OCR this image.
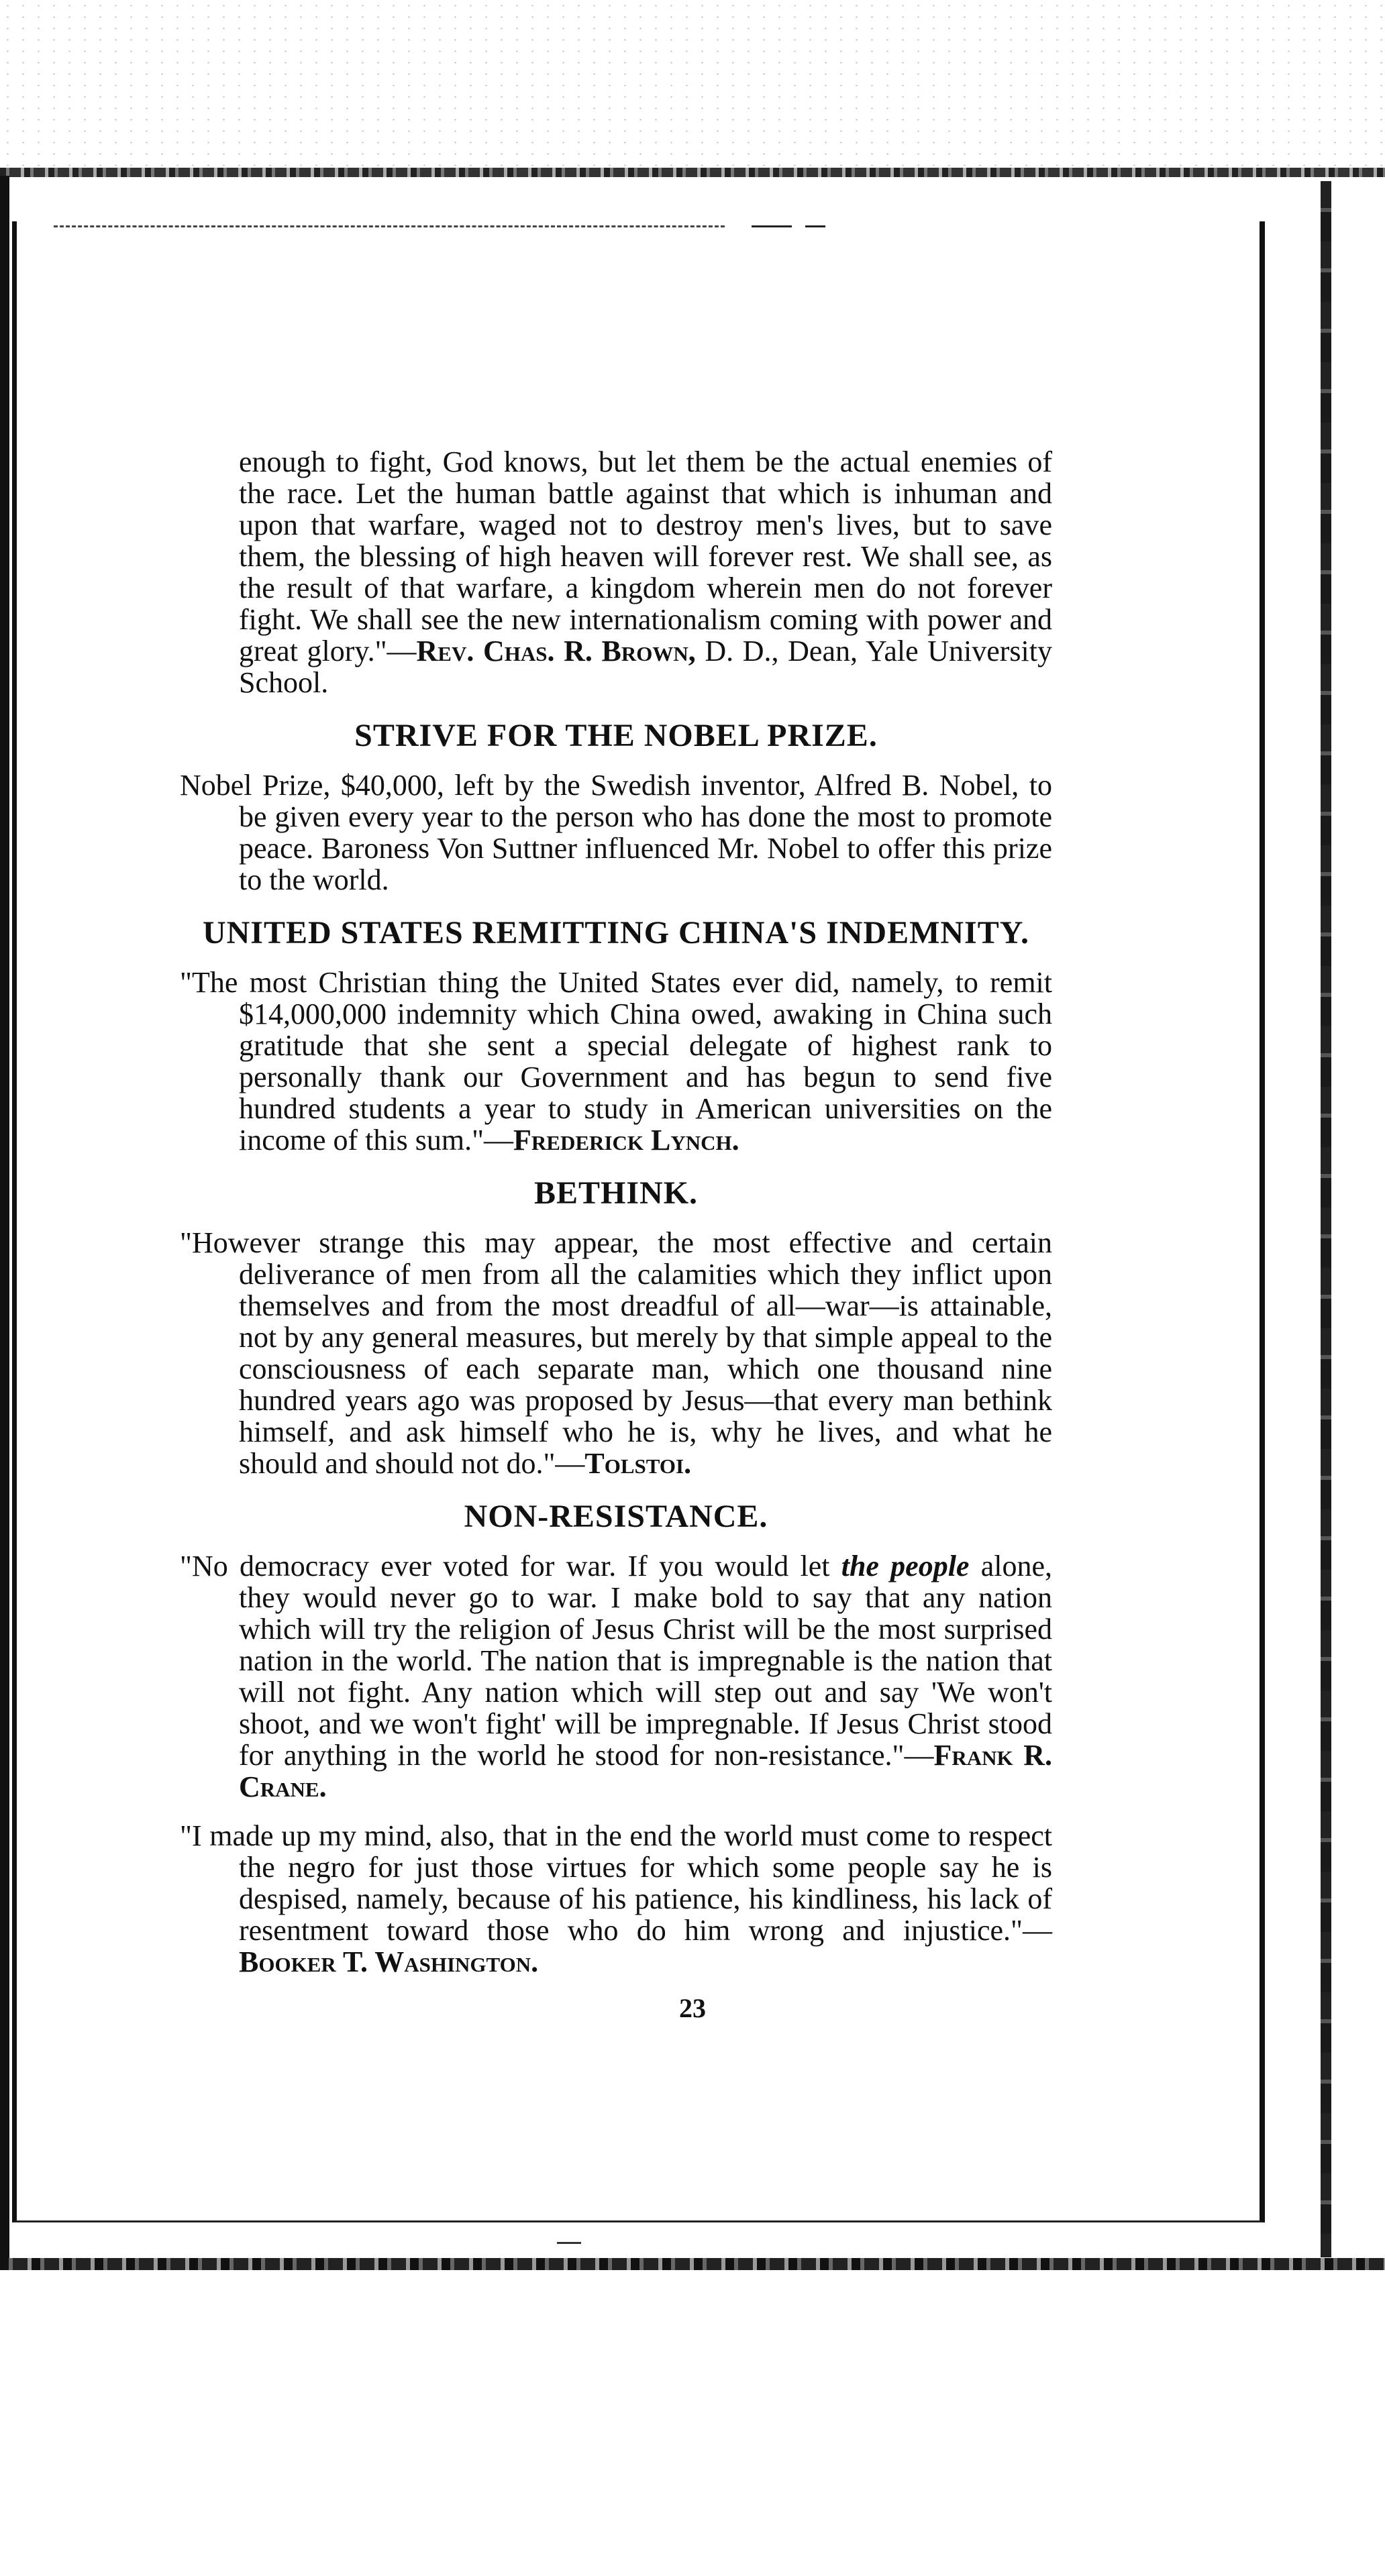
enough to fight, God knows, but let them be the actual enemies of the race. Let the human battle against that which is inhuman and upon that warfare, waged not to destroy men's lives, but to save them, the blessing of high heaven will forever rest. We shall see, as the result of that warfare, a kingdom wherein men do not forever fight. We shall see the new internationalism coming with power and great glory."—Rev. Chas. R. Brown, D. D., Dean, Yale University School.

STRIVE FOR THE NOBEL PRIZE.

Nobel Prize, $40,000, left by the Swedish inventor, Alfred B. Nobel, to be given every year to the person who has done the most to promote peace. Baroness Von Suttner influenced Mr. Nobel to offer this prize to the world.

UNITED STATES REMITTING CHINA'S INDEMNITY.

"The most Christian thing the United States ever did, namely, to remit $14,000,000 indemnity which China owed, awaking in China such gratitude that she sent a special delegate of highest rank to personally thank our Government and has begun to send five hundred students a year to study in American universities on the income of this sum."—Frederick Lynch.

BETHINK.

"However strange this may appear, the most effective and certain deliverance of men from all the calamities which they inflict upon themselves and from the most dreadful of all—war—is attainable, not by any general measures, but merely by that simple appeal to the consciousness of each separate man, which one thousand nine hundred years ago was proposed by Jesus—that every man bethink himself, and ask himself who he is, why he lives, and what he should and should not do."—Tolstoi.

NON-RESISTANCE.

"No democracy ever voted for war. If you would let the people alone, they would never go to war. I make bold to say that any nation which will try the religion of Jesus Christ will be the most surprised nation in the world. The nation that is impregnable is the nation that will not fight. Any nation which will step out and say 'We won't shoot, and we won't fight' will be impregnable. If Jesus Christ stood for anything in the world he stood for non-resistance."—Frank R. Crane.

"I made up my mind, also, that in the end the world must come to respect the negro for just those virtues for which some people say he is despised, namely, because of his patience, his kindliness, his lack of resentment toward those who do him wrong and injustice."—Booker T. Washington.

23
